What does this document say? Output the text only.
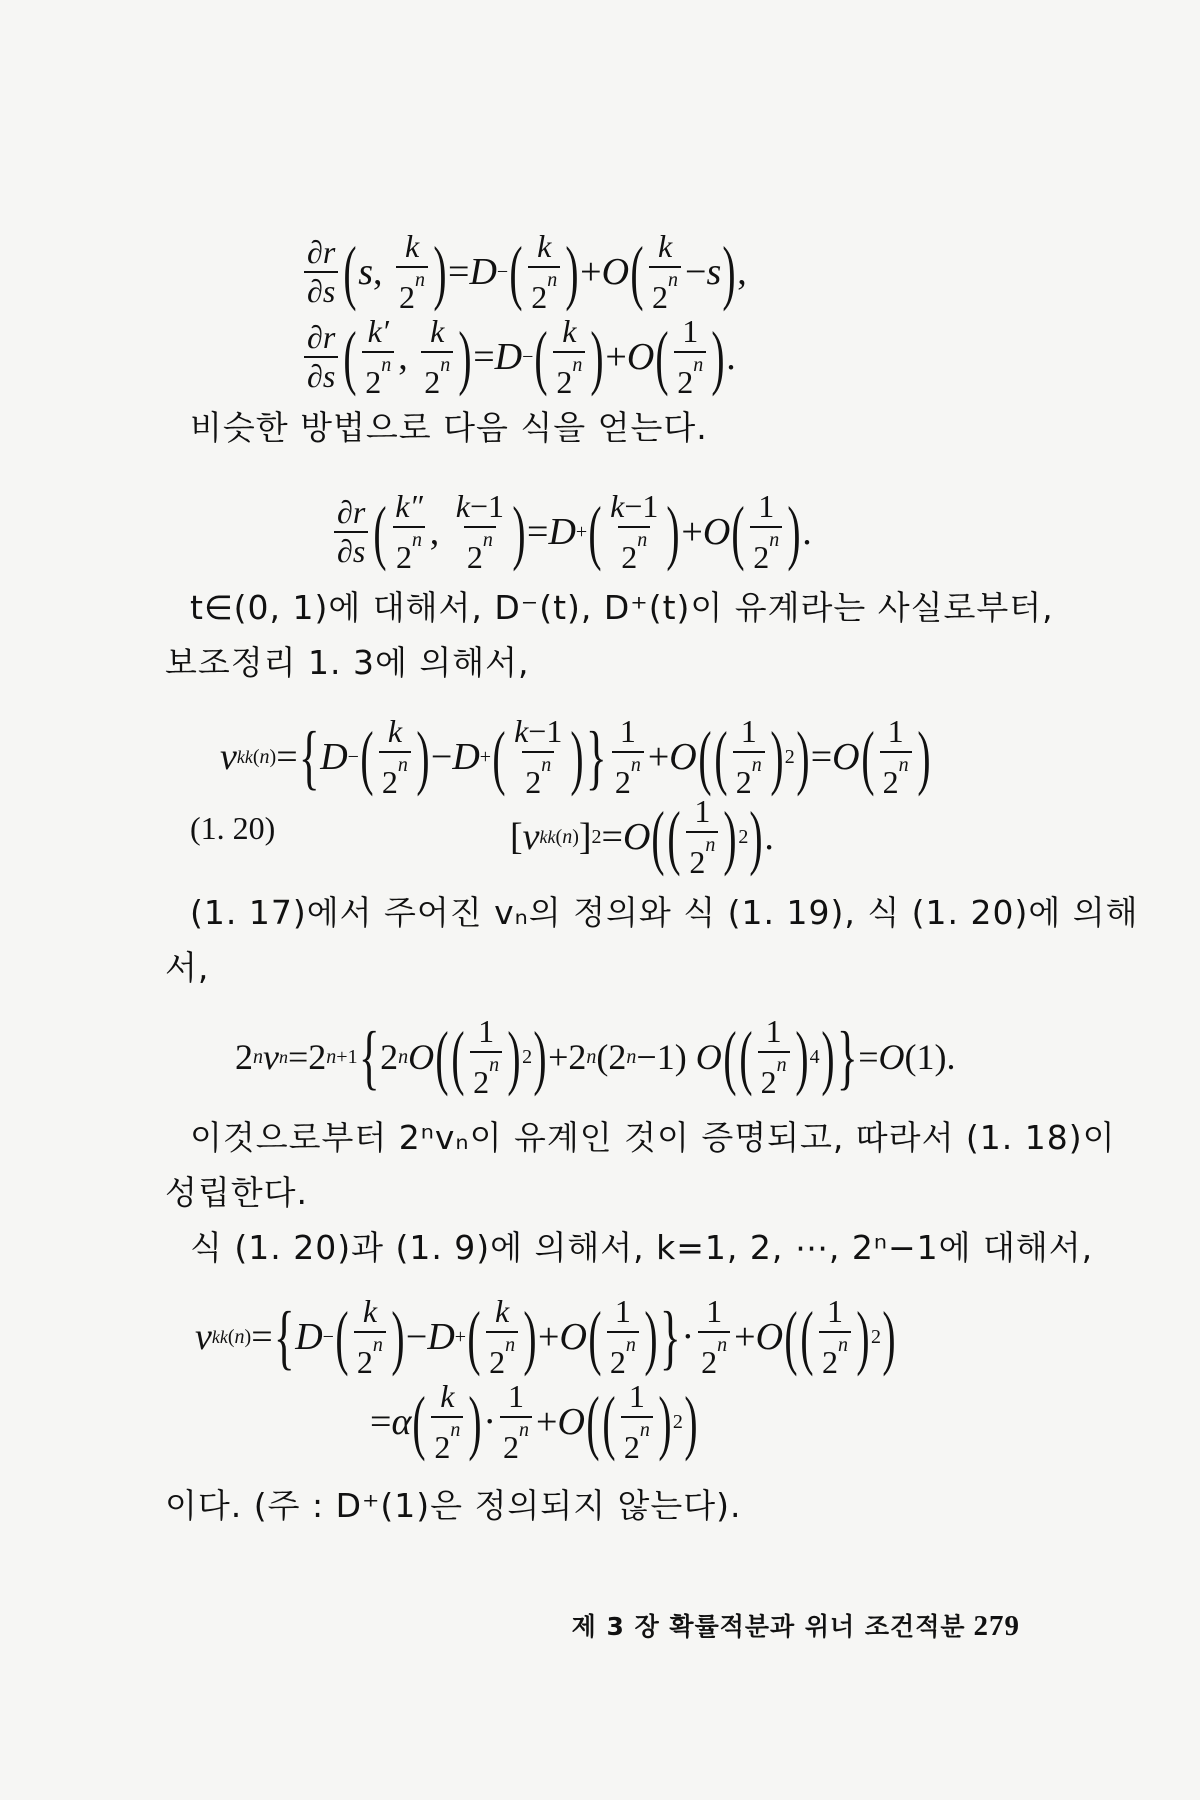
$\frac{\partial r}{\partial s}$ ( s , $\frac{k}{2^n}$ ) = D − ( $\frac{k}{2^n}$ ) + O ( $\frac{k}{2^n} - s$ ) ,
$\frac{\partial r}{\partial s}$ ( $\frac{k'}{2^n}$ , $\frac{k}{2^n}$ ) = D − ( $\frac{k}{2^n}$ ) + O ( $\frac{1}{2^n}$ ) .
비슷한 방법으로 다음 식을 얻는다.
$\frac{\partial r}{\partial s}$ ( $\frac{k''}{2^n}$ , $\frac{k-1}{2^n}$ ) = D + ( $\frac{k-1}{2^n}$ ) + O ( $\frac{1}{2^n}$ ) .
t∈(0, 1)에 대해서, D⁻(t), D⁺(t)이 유계라는 사실로부터,
보조정리 1. 3에 의해서,
v kk (n) = { D − ( $\frac{k}{2^n}$ ) − D + ( $\frac{k-1}{2^n}$ ) } $\frac{1}{2^n} + O$ ( ( $\frac{1}{2^n}$ ) 2 ) = O ( $\frac{1}{2^n}$ )
(1. 20)	[ v kk (n) ] 2 = O ( ( $\frac{1}{2^n}$ ) 2 ) .
(1. 17)에서 주어진 vₙ의 정의와 식 (1. 19), 식 (1. 20)에 의해
서,
2 n v n =2 n+1 { 2 n O ( ( $\frac{1}{2^n}$ ) 2 ) +2 n (2 n −1) O ( ( $\frac{1}{2^n}$ ) 4 ) } = O (1).
이것으로부터 2ⁿvₙ이 유계인 것이 증명되고, 따라서 (1. 18)이
성립한다.
식 (1. 20)과 (1. 9)에 의해서, k=1, 2, ⋯, 2ⁿ−1에 대해서,
v kk (n) = { D − ( $\frac{k}{2^n}$ ) − D + ( $\frac{k}{2^n}$ ) + O ( $\frac{1}{2^n}$ ) } · $\frac{1}{2^n} + O$ ( ( $\frac{1}{2^n}$ ) 2 )
= α ( $\frac{k}{2^n}$ ) · $\frac{1}{2^n} + O$ ( ( $\frac{1}{2^n}$ ) 2 )
이다. (주 : D⁺(1)은 정의되지 않는다).
제 3 장 확률적분과 위너 조건적분 279
